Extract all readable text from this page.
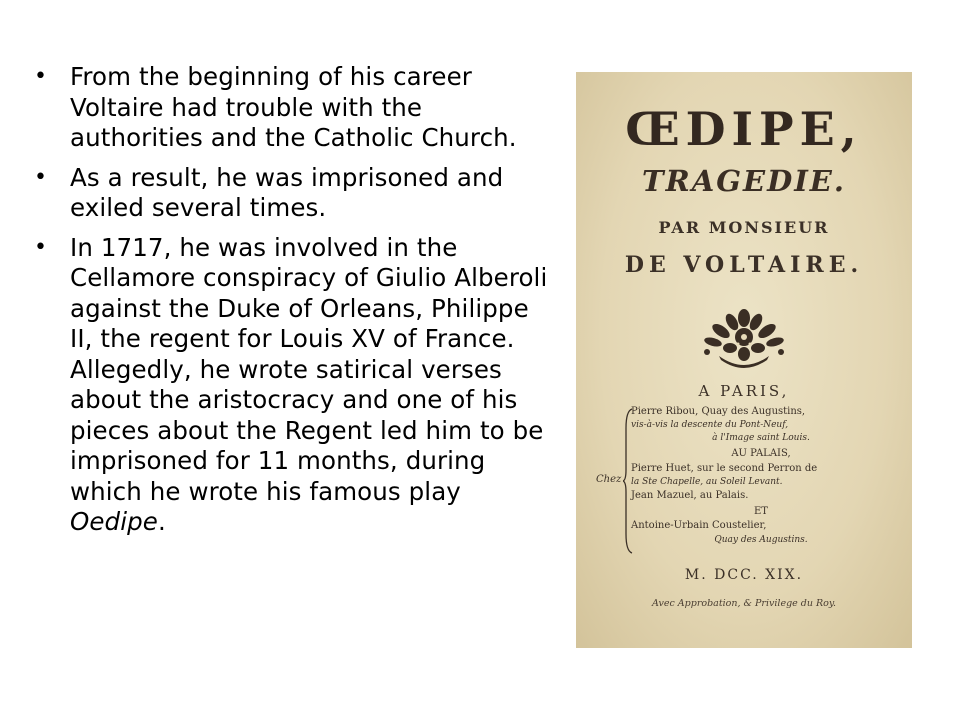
• From the beginning of his career Voltaire had trouble with the authorities and the Catholic Church.
• As a result, he was imprisoned and exiled several times.
• In 1717, he was involved in the Cellamore conspiracy of Giulio Alberoli against the Duke of Orleans, Philippe II, the regent for Louis XV of France. Allegedly, he wrote satirical verses about the aristocracy and one of his pieces about the Regent led him to be imprisoned for 11 months, during which he wrote his famous play Oedipe.
ŒDIPE,
TRAGEDIE.
PAR MONSIEUR
DE VOLTAIRE.
A PARIS,
Chez
Pierre Ribou, Quay des Augustins,
vis-à-vis la descente du Pont-Neuf,
à l'Image saint Louis.
AU PALAIS,
Pierre Huet, sur le second Perron de
la Ste Chapelle, au Soleil Levant.
Jean Mazuel, au Palais.
ET
Antoine-Urbain Coustelier,
Quay des Augustins.
M. DCC. XIX.
Avec Approbation, & Privilege du Roy.
